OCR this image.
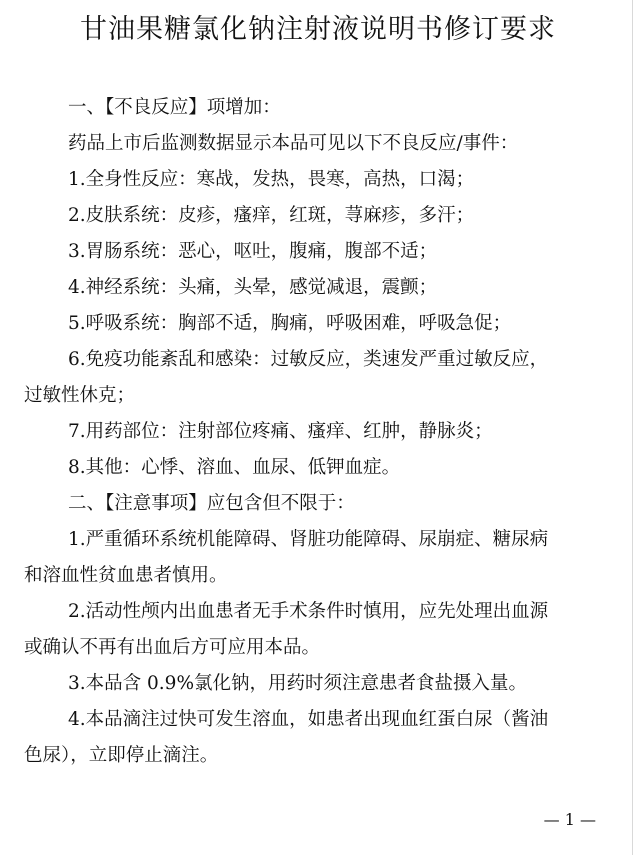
甘油果糖氯化钠注射液说明书修订要求
一、【不良反应】项增加：
药品上市后监测数据显示本品可见以下不良反应/事件：
1.全身性反应：寒战，发热，畏寒，高热，口渴；
2.皮肤系统：皮疹，瘙痒，红斑，荨麻疹，多汗；
3.胃肠系统：恶心，呕吐，腹痛，腹部不适；
4.神经系统：头痛，头晕，感觉减退，震颤；
5.呼吸系统：胸部不适，胸痛，呼吸困难，呼吸急促；
6.免疫功能紊乱和感染：过敏反应，类速发严重过敏反应，
过敏性休克；
7.用药部位：注射部位疼痛、瘙痒、红肿，静脉炎；
8.其他：心悸、溶血、血尿、低钾血症。
二、【注意事项】应包含但不限于：
1.严重循环系统机能障碍、肾脏功能障碍、尿崩症、糖尿病
和溶血性贫血患者慎用。
2.活动性颅内出血患者无手术条件时慎用，应先处理出血源
或确认不再有出血后方可应用本品。
3.本品含 0.9%氯化钠，用药时须注意患者食盐摄入量。
4.本品滴注过快可发生溶血，如患者出现血红蛋白尿（酱油
色尿），立即停止滴注。
— 1 —
